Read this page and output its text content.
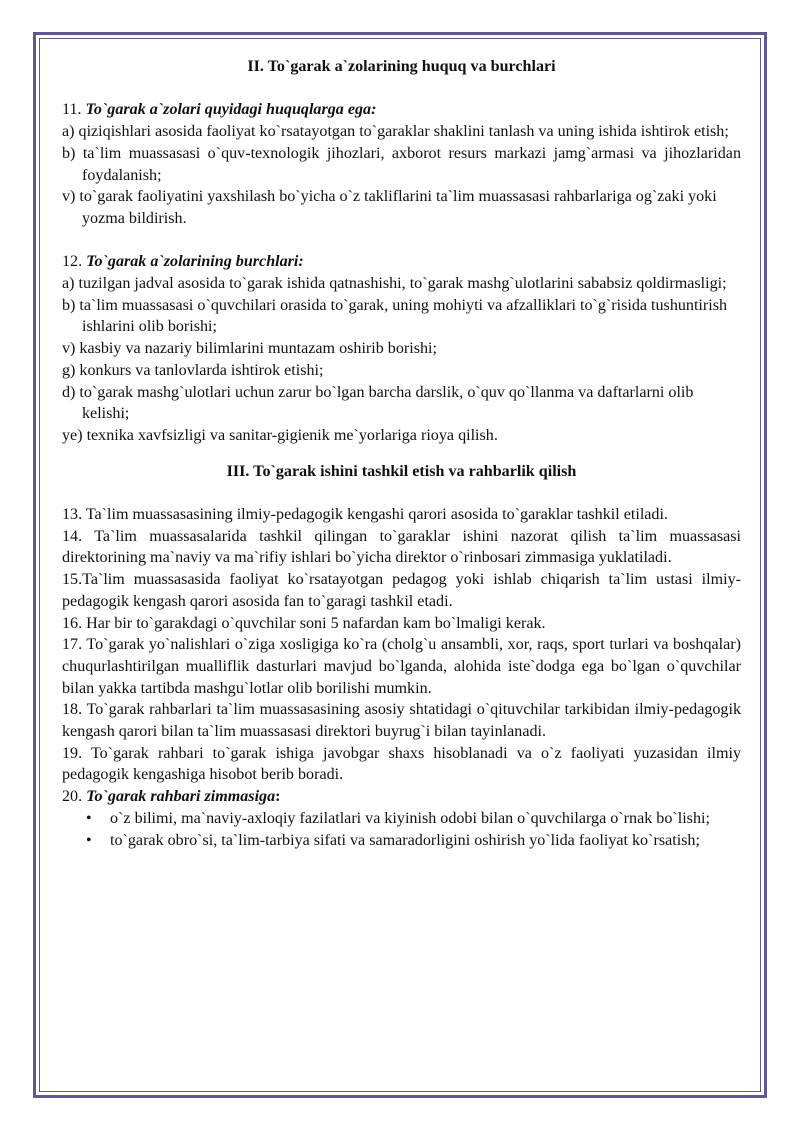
II. To`garak a`zolarining huquq va burchlari

11. To`garak a`zolari quyidagi huquqlarga ega:

a) qiziqishlari asosida faoliyat ko`rsatayotgan to`garaklar shaklini tanlash va uning ishida ishtirok etish;

b) ta`lim muassasasi o`quv-texnologik jihozlari, axborot resurs markazi jamg`armasi va jihozlaridan foydalanish;

v) to`garak faoliyatini yaxshilash bo`yicha o`z takliflarini ta`lim muassasasi rahbarlariga og`zaki yoki yozma bildirish.

12. To`garak a`zolarining burchlari:

a) tuzilgan jadval asosida to`garak ishida qatnashishi, to`garak mashg`ulotlarini sababsiz qoldirmasligi;

b) ta`lim muassasasi o`quvchilari orasida to`garak, uning mohiyti va afzalliklari to`g`risida tushuntirish ishlarini olib borishi;

v) kasbiy va nazariy bilimlarini muntazam oshirib borishi;

g) konkurs va tanlovlarda ishtirok etishi;

d) to`garak mashg`ulotlari uchun zarur bo`lgan barcha darslik, o`quv qo`llanma va daftarlarni olib kelishi;

ye) texnika xavfsizligi va sanitar-gigienik me`yorlariga rioya qilish.

III. To`garak ishini tashkil etish va rahbarlik qilish

13. Ta`lim muassasasining ilmiy-pedagogik kengashi qarori asosida to`garaklar tashkil etiladi.

14. Ta`lim muassasalarida tashkil qilingan to`garaklar ishini nazorat qilish ta`lim muassasasi direktorining ma`naviy va ma`rifiy ishlari bo`yicha direktor o`rinbosari zimmasiga yuklatiladi.

15.Ta`lim muassasasida faoliyat ko`rsatayotgan pedagog yoki ishlab chiqarish ta`lim ustasi ilmiy-pedagogik kengash qarori asosida fan to`garagi tashkil etadi.

16. Har bir to`garakdagi o`quvchilar soni 5 nafardan kam bo`lmaligi kerak.

17. To`garak yo`nalishlari o`ziga xosligiga ko`ra (cholg`u ansambli, xor, raqs, sport turlari va boshqalar) chuqurlashtirilgan mualliflik dasturlari mavjud bo`lganda, alohida iste`dodga ega bo`lgan o`quvchilar bilan yakka tartibda mashgu`lotlar olib borilishi mumkin.

18. To`garak rahbarlari ta`lim muassasasining asosiy shtatidagi o`qituvchilar tarkibidan ilmiy-pedagogik kengash qarori bilan ta`lim muassasasi direktori buyrug`i bilan tayinlanadi.

19. To`garak rahbari to`garak ishiga javobgar shaxs hisoblanadi va o`z faoliyati yuzasidan ilmiy pedagogik kengashiga hisobot berib boradi.

20. To`garak rahbari zimmasiga:

• o`z bilimi, ma`naviy-axloqiy fazilatlari va kiyinish odobi bilan o`quvchilarga o`rnak bo`lishi;
• to`garak obro`si, ta`lim-tarbiya sifati va samaradorligini oshirish yo`lida faoliyat ko`rsatish;
